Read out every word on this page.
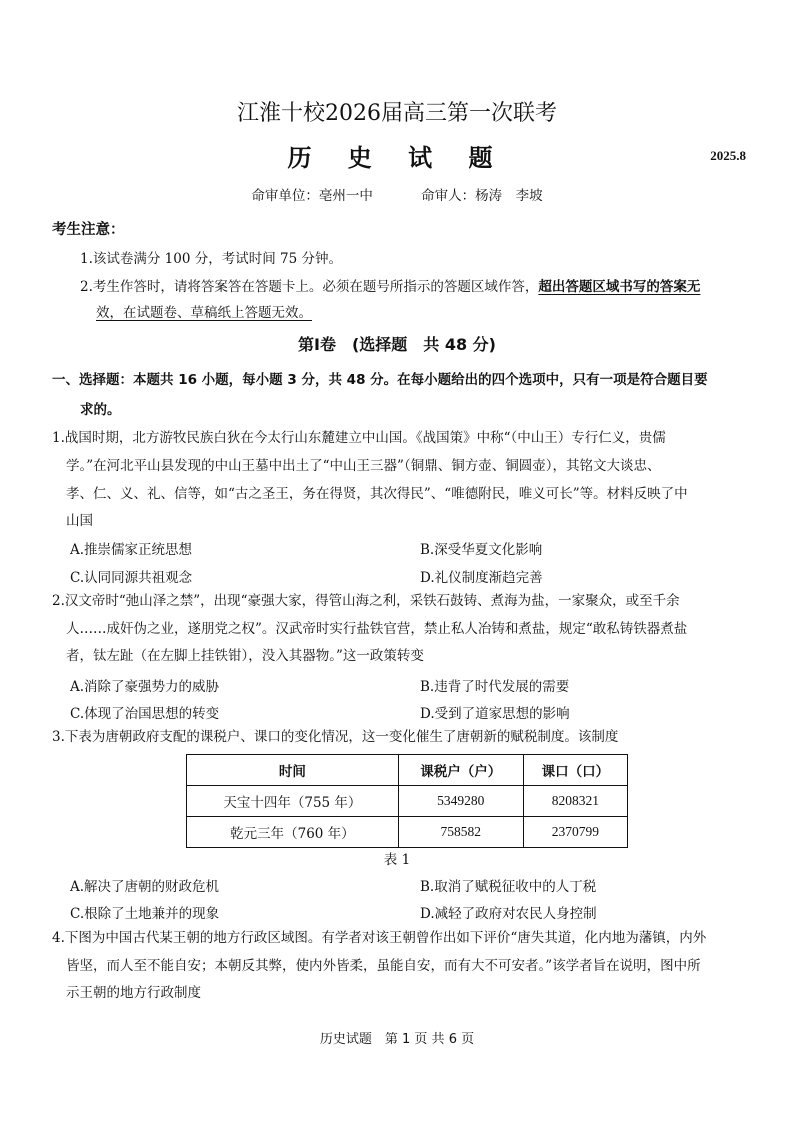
江淮十校2026届高三第一次联考
历 史 试 题	2025.8
命审单位：亳州一中	命审人：杨涛　李坡
考生注意：
1.该试卷满分 100 分，考试时间 75 分钟。
2.考生作答时，请将答案答在答题卡上。必须在题号所指示的答题区域作答，超出答题区域书写的答案无
效，在试题卷、草稿纸上答题无效。
第Ⅰ卷　(选择题　共 48 分)
一、选择题：本题共 16 小题，每小题 3 分，共 48 分。在每小题给出的四个选项中，只有一项是符合题目要
求的。
1.战国时期，北方游牧民族白狄在今太行山东麓建立中山国。《战国策》中称“（中山王）专行仁义，贵儒
学。”在河北平山县发现的中山王墓中出土了“中山王三器”（铜鼎、铜方壶、铜圆壶），其铭文大谈忠、
孝、仁、义、礼、信等，如“古之圣王，务在得贤，其次得民”、“唯德附民，唯义可长”等。材料反映了中
山国
A.推崇儒家正统思想	B.深受华夏文化影响
C.认同同源共祖观念	D.礼仪制度渐趋完善
2.汉文帝时“弛山泽之禁”，出现“豪强大家，得管山海之利，采铁石鼓铸、煮海为盐，一家聚众，或至千余
人……成奸伪之业，遂朋党之权”。汉武帝时实行盐铁官营，禁止私人冶铸和煮盐，规定“敢私铸铁器煮盐
者，钛左趾（在左脚上挂铁钳），没入其器物。”这一政策转变
A.消除了豪强势力的威胁	B.违背了时代发展的需要
C.体现了治国思想的转变	D.受到了道家思想的影响
3.下表为唐朝政府支配的课税户、课口的变化情况，这一变化催生了唐朝新的赋税制度。该制度
时间	课税户（户）	课口（口）
天宝十四年（755 年）	5349280	8208321
乾元三年（760 年）	758582	2370799
表 1
A.解决了唐朝的财政危机	B.取消了赋税征收中的人丁税
C.根除了土地兼并的现象	D.减轻了政府对农民人身控制
4.下图为中国古代某王朝的地方行政区域图。有学者对该王朝曾作出如下评价“唐失其道，化内地为藩镇，内外
皆坚，而人至不能自安；本朝反其弊，使内外皆柔，虽能自安，而有大不可安者。”该学者旨在说明，图中所
示王朝的地方行政制度
历史试题　第 1 页 共 6 页
